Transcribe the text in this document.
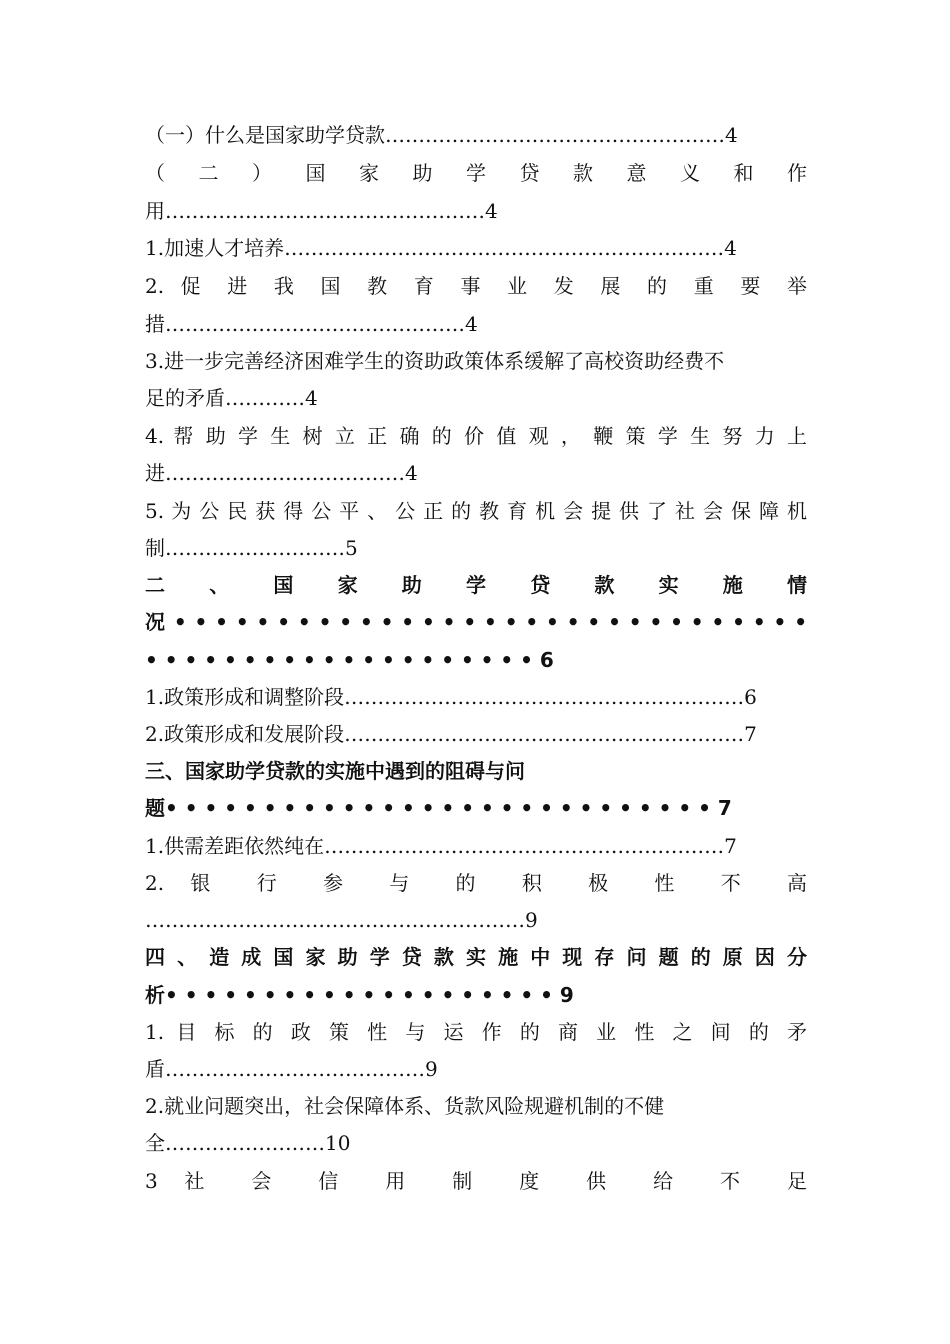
（一）什么是国家助学贷款……………………………………………4
（ 二 ） 国 家 助 学 贷 款 意 义 和 作
用…………………………………………4
1.加速人才培养…………………………………………………………4
2. 促 进 我 国 教 育 事 业 发 展 的 重 要 举
措………………………………………4
3.进一步完善经济困难学生的资助政策体系缓解了高校资助经费不
足的矛盾…………4
4. 帮 助 学 生 树 立 正 确 的 价 值 观 ， 鞭 策 学 生 努 力 上
进………………………………4
5. 为 公 民 获 得 公 平 、 公 正 的 教 育 机 会 提 供 了 社 会 保 障 机
制………………………5
二 、 国 家 助 学 贷 款 实 施 情
况 • • • • • • • • • • • • • • • • • • • • • • • • • • • • • • •
• • • • • • • • • • • • • • • • • • • • 6
1.政策形成和调整阶段……………………………………………………6
2.政策形成和发展阶段……………………………………………………7
三、国家助学贷款的实施中遇到的阻碍与问
题• • • • • • • • • • • • • • • • • • • • • • • • • • • • 7
1.供需差距依然纯在……………………………………………………7
2. 银 行 参 与 的 积 极 性 不 高
…………………………………………………9
四 、 造 成 国 家 助 学 贷 款 实 施 中 现 存 问 题 的 原 因 分
析• • • • • • • • • • • • • • • • • • • • 9
1. 目 标 的 政 策 性 与 运 作 的 商 业 性 之 间 的 矛
盾…………………………………9
2.就业问题突出，社会保障体系、货款风险规避机制的不健
全……………………10
3 社 会 信 用 制 度 供 给 不 足
